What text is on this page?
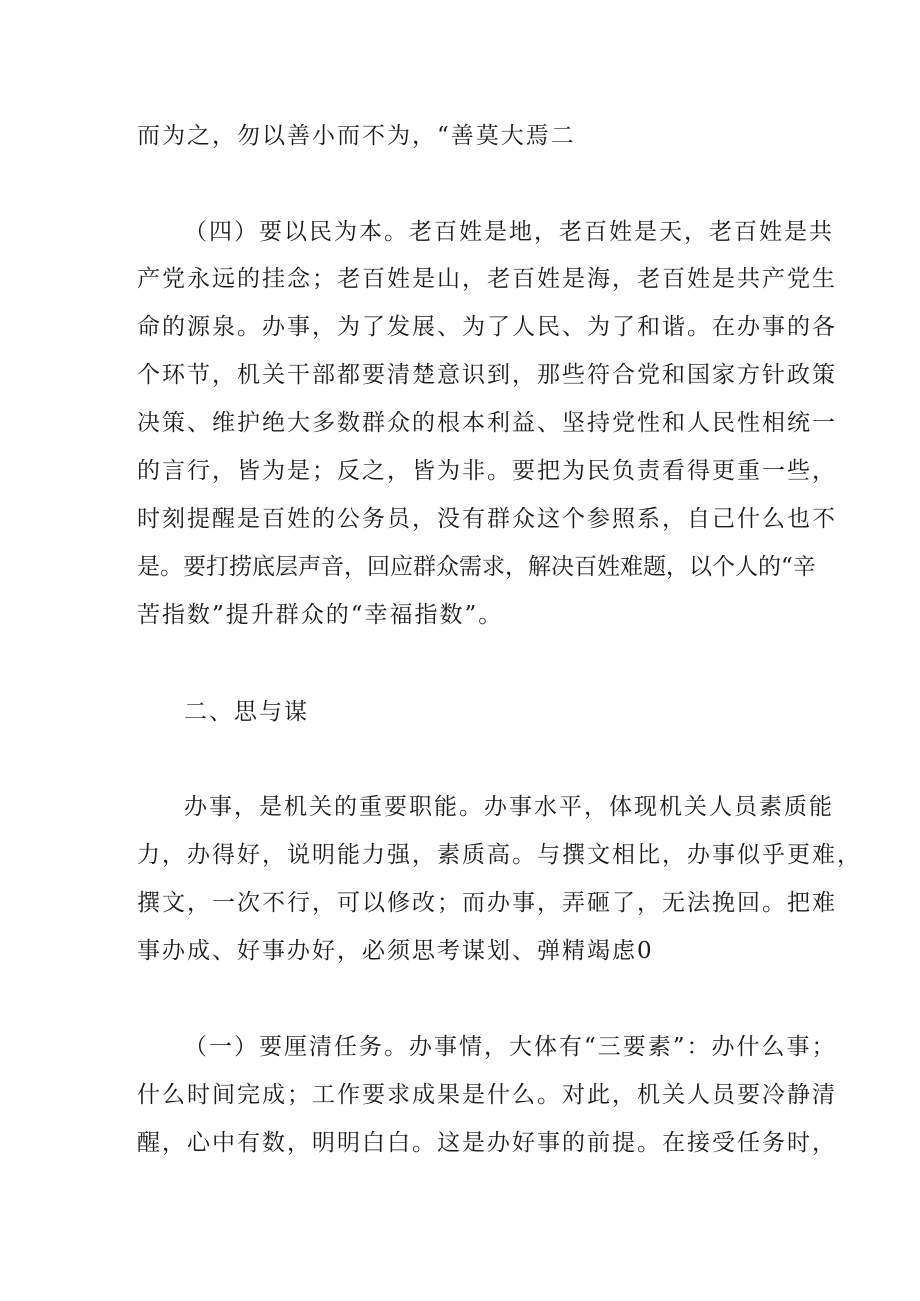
而为之，勿以善小而不为，“善莫大焉二
（四）要以民为本。老百姓是地，老百姓是天，老百姓是共
产党永远的挂念；老百姓是山，老百姓是海，老百姓是共产党生
命的源泉。办事，为了发展、为了人民、为了和谐。在办事的各
个环节，机关干部都要清楚意识到，那些符合党和国家方针政策
决策、维护绝大多数群众的根本利益、坚持党性和人民性相统一
的言行，皆为是；反之，皆为非。要把为民负责看得更重一些，
时刻提醒是百姓的公务员，没有群众这个参照系，自己什么也不
是。要打捞底层声音，回应群众需求，解决百姓难题，以个人的“辛
苦指数”提升群众的“幸福指数”。
二、思与谋
办事，是机关的重要职能。办事水平，体现机关人员素质能
力，办得好，说明能力强，素质高。与撰文相比，办事似乎更难，
撰文，一次不行，可以修改；而办事，弄砸了，无法挽回。把难
事办成、好事办好，必须思考谋划、弹精竭虑0
（一）要厘清任务。办事情，大体有“三要素”：办什么事；
什么时间完成；工作要求成果是什么。对此，机关人员要冷静清
醒，心中有数，明明白白。这是办好事的前提。在接受任务时，
